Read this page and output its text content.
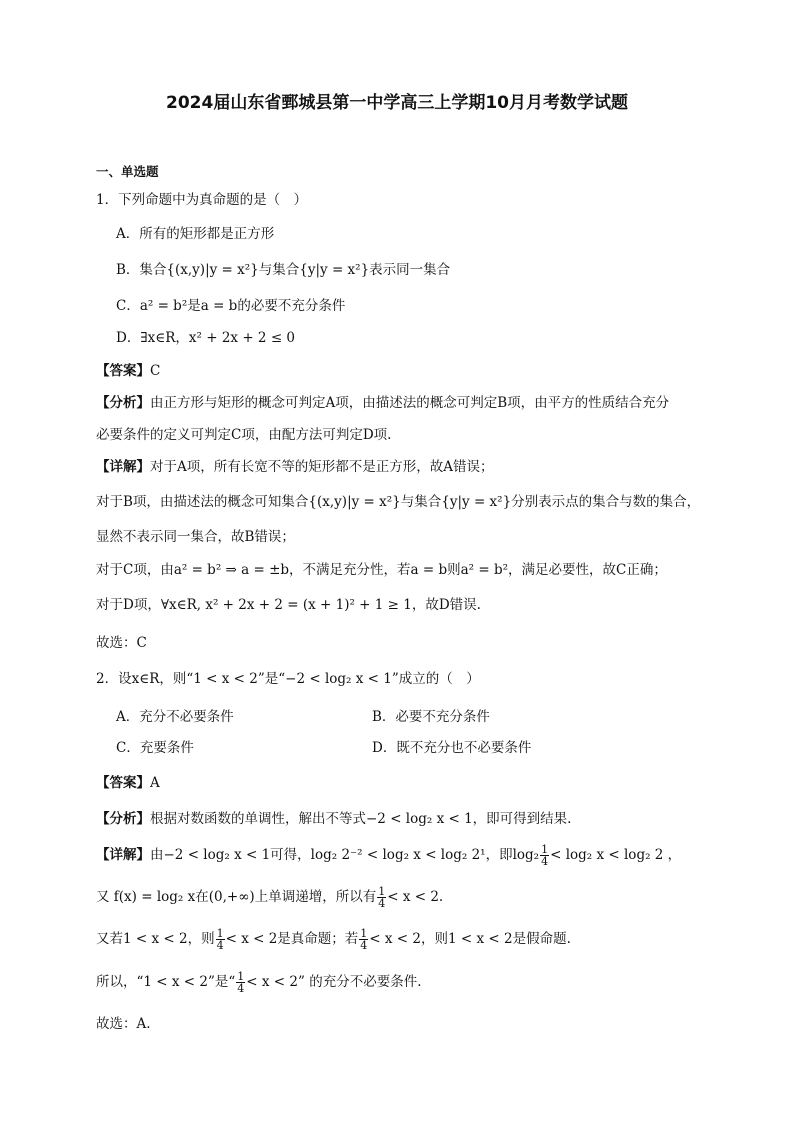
2024届山东省鄄城县第一中学高三上学期10月月考数学试题
一、单选题
1．下列命题中为真命题的是（　）
A．所有的矩形都是正方形
B．集合{(x,y)|y = x²}与集合{y|y = x²}表示同一集合
C．a² = b²是a = b的必要不充分条件
D．∃x∈R，x² + 2x + 2 ≤ 0
【答案】C
【分析】由正方形与矩形的概念可判定A项，由描述法的概念可判定B项，由平方的性质结合充分
必要条件的定义可判定C项，由配方法可判定D项.
【详解】对于A项，所有长宽不等的矩形都不是正方形，故A错误；
对于B项，由描述法的概念可知集合{(x,y)|y = x²}与集合{y|y = x²}分别表示点的集合与数的集合，
显然不表示同一集合，故B错误；
对于C项，由a² = b² ⇒ a = ±b，不满足充分性，若a = b则a² = b²，满足必要性，故C正确；
对于D项，∀x∈R, x² + 2x + 2 = (x + 1)² + 1 ≥ 1，故D错误.
故选：C
2．设x∈R，则“1 < x < 2”是“−2 < log₂ x < 1”成立的（　）
A．充分不必要条件	B．必要不充分条件
C．充要条件	D．既不充分也不必要条件
【答案】A
【分析】根据对数函数的单调性，解出不等式−2 < log₂ x < 1，即可得到结果.
【详解】由−2 < log₂ x < 1可得，log₂ 2⁻² < log₂ x < log₂ 2¹，即$\log_2 \frac{1}{4} < \log_2$ x < log₂ 2 ，
又 f(x) = log₂ x在(0,+∞)上单调递增，所以有 $\frac{1}{4} < x < 2$.
又若1 < x < 2，则 $\frac{1}{4} < x < 2$是真命题；若 $\frac{1}{4} < x < 2$，则1 < x < 2是假命题.
所以，“1 < x < 2”是“ $\frac{1}{4} < x < 2$” 的充分不必要条件.
故选：A.
